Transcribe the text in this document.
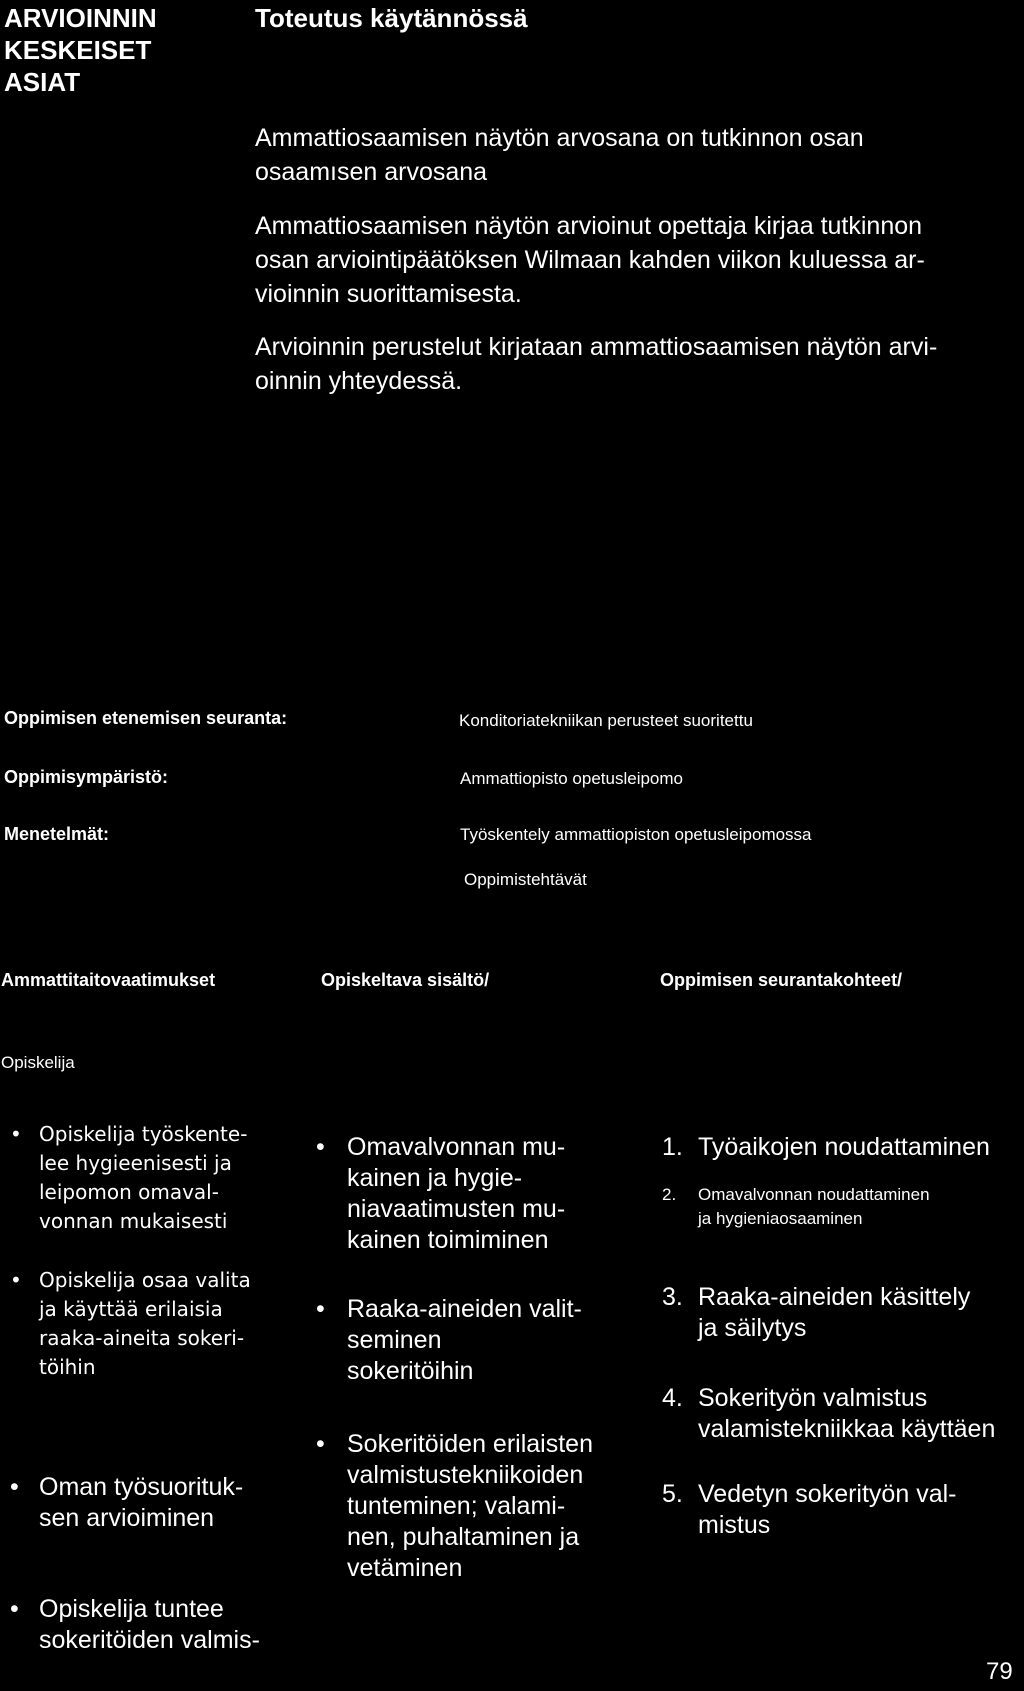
ARVIOINNIN
KESKEISET
ASIAT
Toteutus käytännössä
Ammattiosaamisen näytön arvosana on tutkinnon osan
osaamısen arvosana
Ammattiosaamisen näytön arvioinut opettaja kirjaa tutkinnon
osan arviointipäätöksen Wilmaan kahden viikon kuluessa ar-
vioinnin suorittamisesta.
Arvioinnin perustelut kirjataan ammattiosaamisen näytön arvi-
oinnin yhteydessä.
Oppimisen etenemisen seuranta:
Oppimisympäristö:
Menetelmät:
Konditoriatekniikan perusteet suoritettu
Ammattiopisto opetusleipomo
Työskentely ammattiopiston opetusleipomossa
Oppimistehtävät
Ammattitaitovaatimukset	Opiskeltava sisältö/	Oppimisen seurantakohteet/
Opiskelija
• Opiskelija työskente-
lee hygieenisesti ja
leipomon omaval-
vonnan mukaisesti
• Opiskelija osaa valita
ja käyttää erilaisia
raaka-aineita sokeri-
töihin
• Oman työsuorituk-
sen arvioiminen
• Opiskelija tuntee
sokeritöiden valmis-
• Omavalvonnan mu-
kainen ja hygie-
niavaatimusten mu-
kainen toimiminen
• Raaka-aineiden valit-
seminen
sokeritöihin
• Sokeritöiden erilaisten
valmistustekniikoiden
tunteminen; valami-
nen, puhaltaminen ja
vetäminen
1. Työaikojen noudattaminen
2. Omavalvonnan noudattaminen
ja hygieniaosaaminen
3. Raaka-aineiden käsittely
ja säilytys
4. Sokerityön valmistus
valamistekniikkaa käyttäen
5. Vedetyn sokerityön val-
mistus
79
